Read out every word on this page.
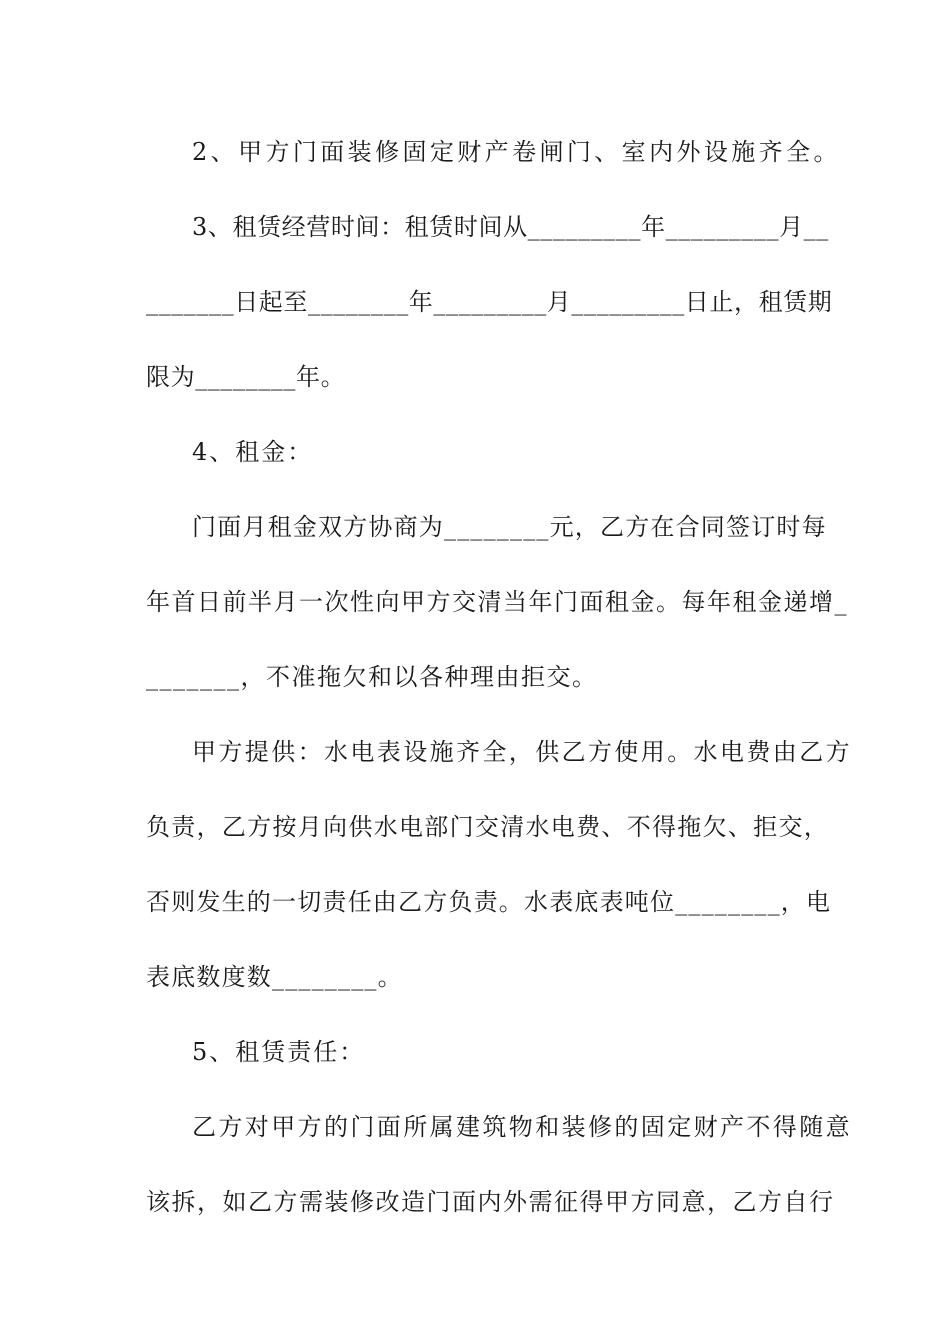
2、甲方门面装修固定财产卷闸门、室内外设施齐全。
3、租赁经营时间：租赁时间从_________年_________月__
_______日起至________年_________月_________日止，租赁期
限为________年。
4、租金：
门面月租金双方协商为________元，乙方在合同签订时每
年首日前半月一次性向甲方交清当年门面租金。每年租金递增_
_______，不准拖欠和以各种理由拒交。
甲方提供：水电表设施齐全，供乙方使用。水电费由乙方
负责，乙方按月向供水电部门交清水电费、不得拖欠、拒交，
否则发生的一切责任由乙方负责。水表底表吨位________，电
表底数度数________。
5、租赁责任：
乙方对甲方的门面所属建筑物和装修的固定财产不得随意
该拆，如乙方需装修改造门面内外需征得甲方同意，乙方自行
